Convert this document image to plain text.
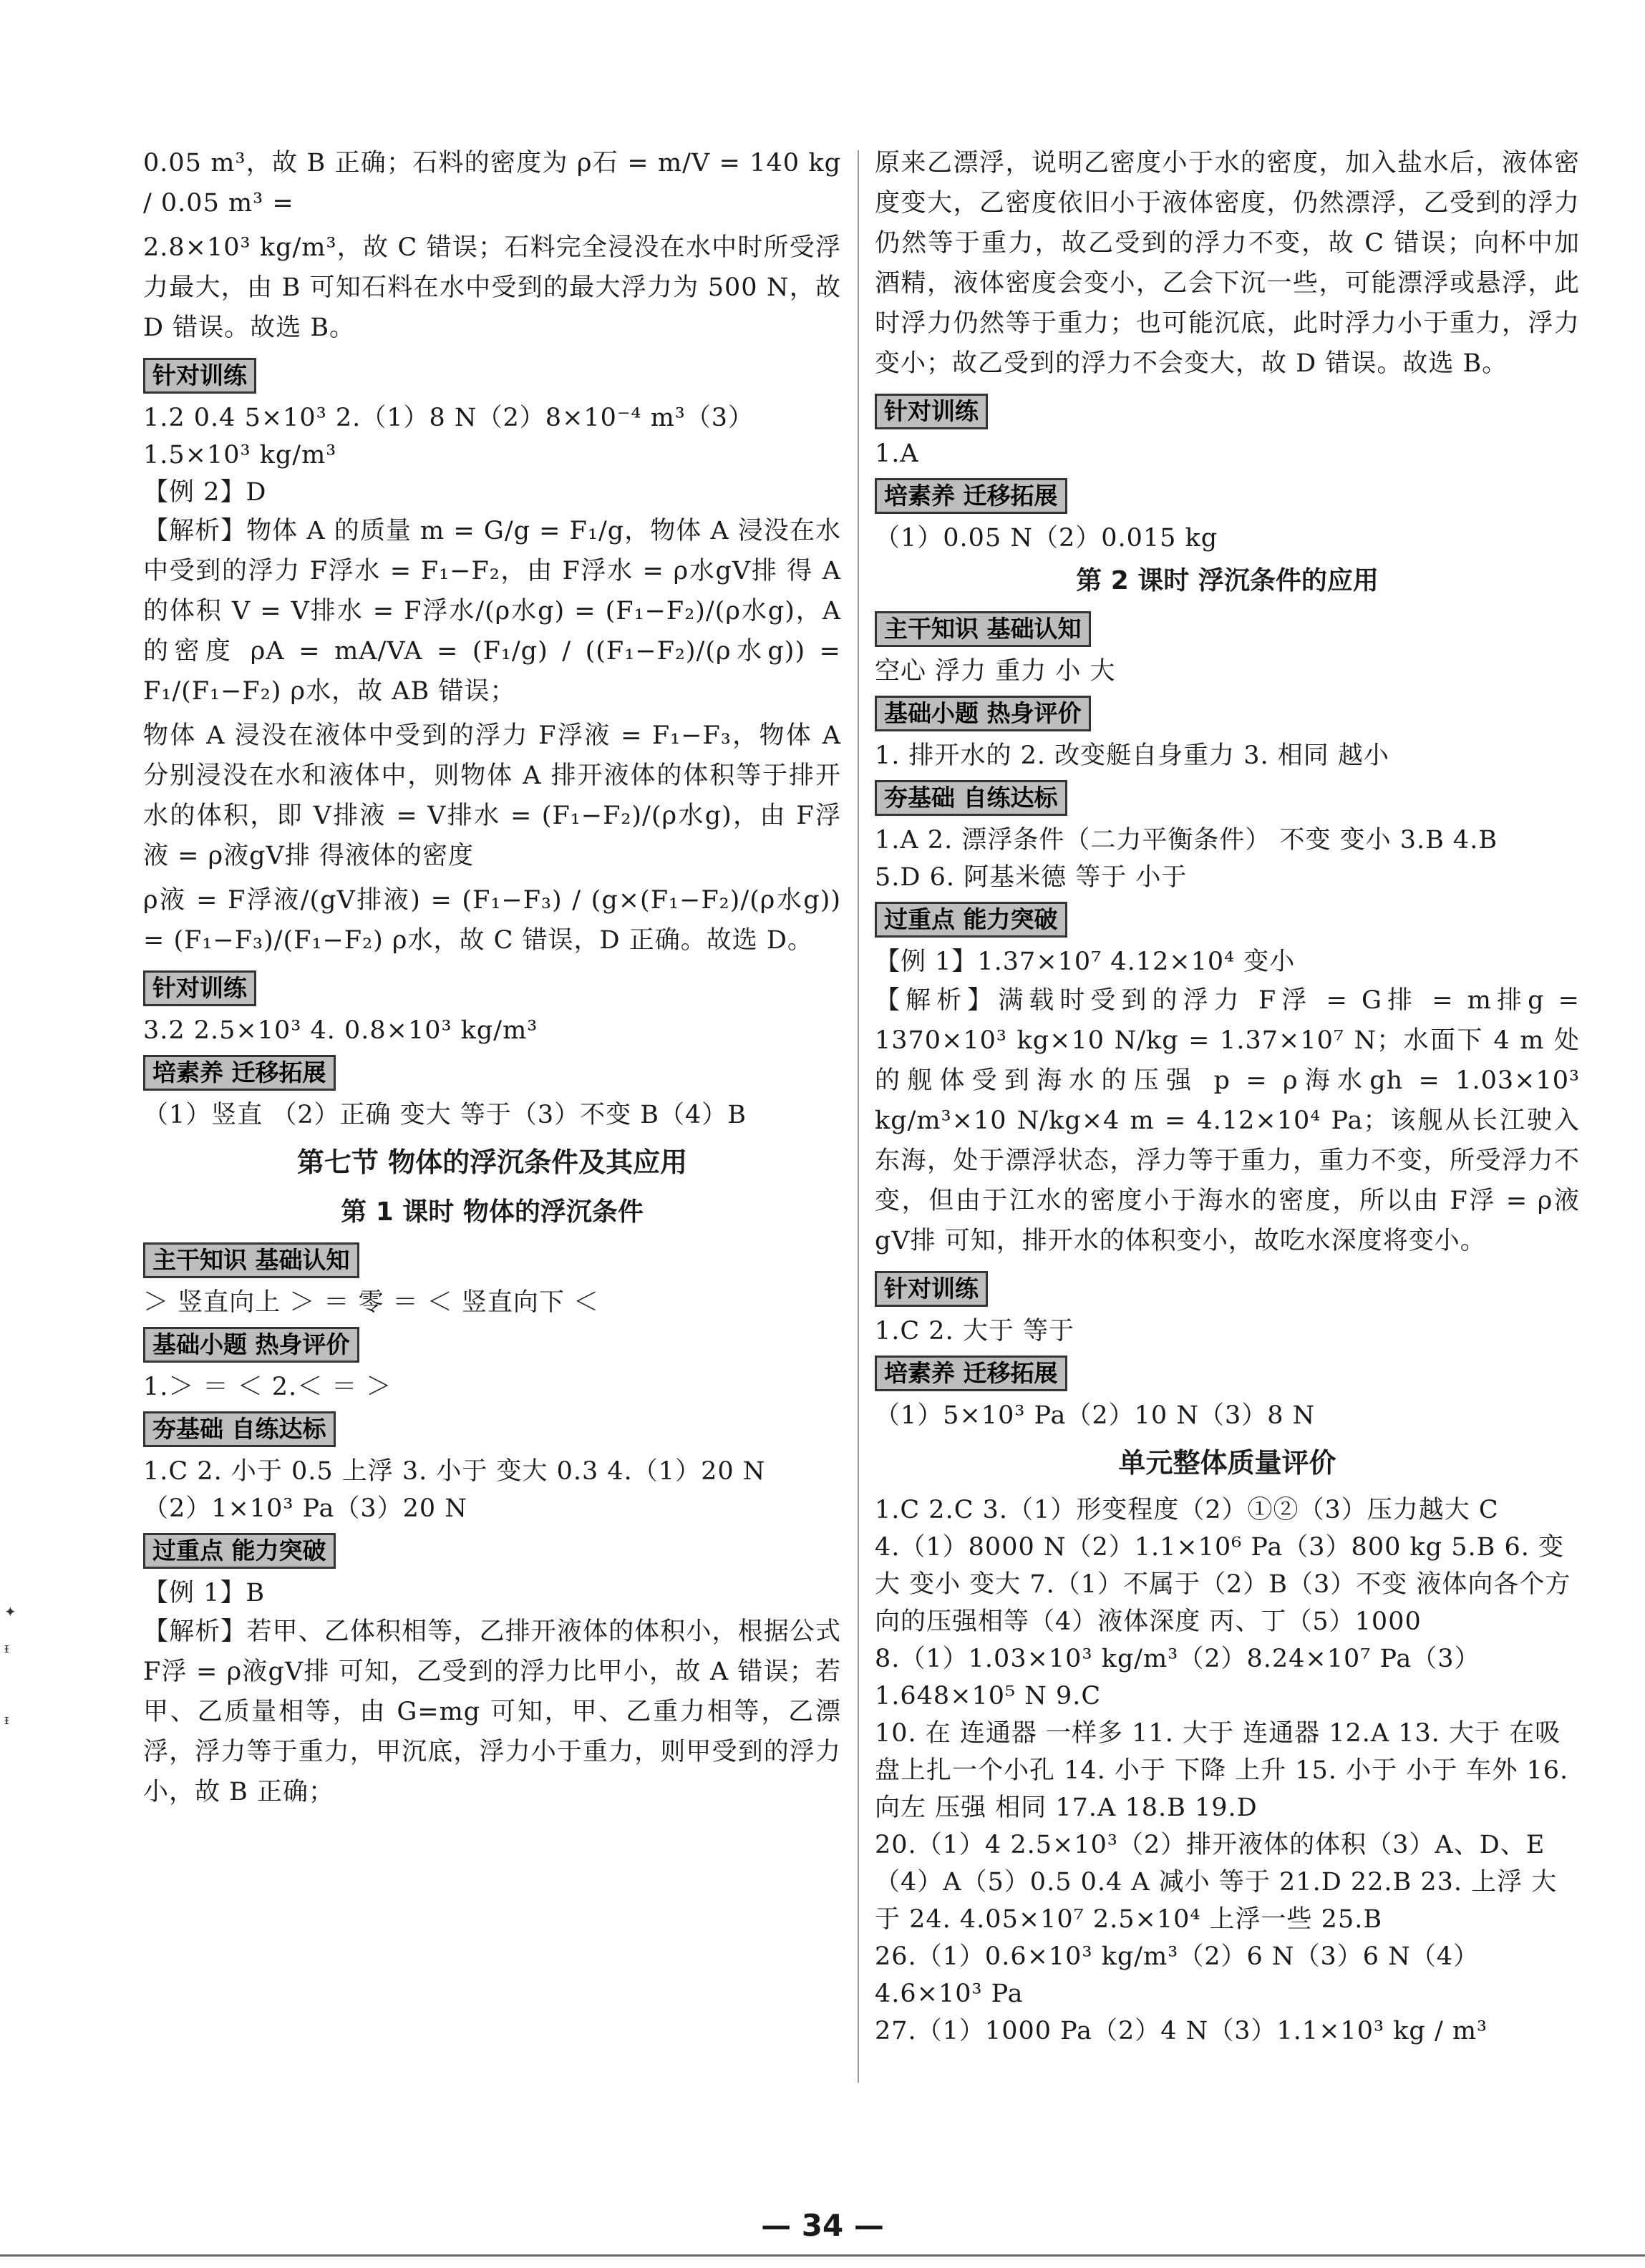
0.05 m³，故 B 正确；石料的密度为 ρ石 = m/V = 140 kg / 0.05 m³ =
2.8×10³ kg/m³，故 C 错误；石料完全浸没在水中时所受浮力最大，由 B 可知石料在水中受到的最大浮力为 500 N，故 D 错误。故选 B。
针对训练
1.2 0.4 5×10³ 2.（1）8 N（2）8×10⁻⁴ m³（3）1.5×10³ kg/m³
【例 2】D
【解析】物体 A 的质量 m = G/g = F₁/g，物体 A 浸没在水中受到的浮力 F浮水 = F₁−F₂，由 F浮水 = ρ水gV排 得 A 的体积 V = V排水 = F浮水/(ρ水g) = (F₁−F₂)/(ρ水g)，A 的密度 ρA = mA/VA = (F₁/g) / ((F₁−F₂)/(ρ水g)) = F₁/(F₁−F₂) ρ水，故 AB 错误；
物体 A 浸没在液体中受到的浮力 F浮液 = F₁−F₃，物体 A 分别浸没在水和液体中，则物体 A 排开液体的体积等于排开水的体积，即 V排液 = V排水 = (F₁−F₂)/(ρ水g)，由 F浮液 = ρ液gV排 得液体的密度
ρ液 = F浮液/(gV排液) = (F₁−F₃) / (g×(F₁−F₂)/(ρ水g)) = (F₁−F₃)/(F₁−F₂) ρ水，故 C 错误，D 正确。故选 D。
针对训练
3.2 2.5×10³ 4. 0.8×10³ kg/m³
培素养 迁移拓展
（1）竖直 （2）正确 变大 等于（3）不变 B（4）B
第七节 物体的浮沉条件及其应用
第 1 课时 物体的浮沉条件
主干知识 基础认知
＞ 竖直向上 ＞ ＝ 零 ＝ ＜ 竖直向下 ＜
基础小题 热身评价
1.＞ ＝ ＜ 2.＜ ＝ ＞
夯基础 自练达标
1.C 2. 小于 0.5 上浮 3. 小于 变大 0.3 4.（1）20 N
（2）1×10³ Pa（3）20 N
过重点 能力突破
【例 1】B
【解析】若甲、乙体积相等，乙排开液体的体积小，根据公式 F浮 = ρ液gV排 可知，乙受到的浮力比甲小，故 A 错误；若甲、乙质量相等，由 G=mg 可知，甲、乙重力相等，乙漂浮，浮力等于重力，甲沉底，浮力小于重力，则甲受到的浮力小，故 B 正确；
原来乙漂浮，说明乙密度小于水的密度，加入盐水后，液体密度变大，乙密度依旧小于液体密度，仍然漂浮，乙受到的浮力仍然等于重力，故乙受到的浮力不变，故 C 错误；向杯中加酒精，液体密度会变小，乙会下沉一些，可能漂浮或悬浮，此时浮力仍然等于重力；也可能沉底，此时浮力小于重力，浮力变小；故乙受到的浮力不会变大，故 D 错误。故选 B。
针对训练
1.A
培素养 迁移拓展
（1）0.05 N（2）0.015 kg
第 2 课时 浮沉条件的应用
主干知识 基础认知
空心 浮力 重力 小 大
基础小题 热身评价
1. 排开水的 2. 改变艇自身重力 3. 相同 越小
夯基础 自练达标
1.A 2. 漂浮条件（二力平衡条件） 不变 变小 3.B 4.B
5.D 6. 阿基米德 等于 小于
过重点 能力突破
【例 1】1.37×10⁷ 4.12×10⁴ 变小
【解析】满载时受到的浮力 F浮 = G排 = m排g = 1370×10³ kg×10 N/kg = 1.37×10⁷ N；水面下 4 m 处的舰体受到海水的压强 p = ρ海水gh = 1.03×10³ kg/m³×10 N/kg×4 m = 4.12×10⁴ Pa；该舰从长江驶入东海，处于漂浮状态，浮力等于重力，重力不变，所受浮力不变，但由于江水的密度小于海水的密度，所以由 F浮 = ρ液gV排 可知，排开水的体积变小，故吃水深度将变小。
针对训练
1.C 2. 大于 等于
培素养 迁移拓展
（1）5×10³ Pa（2）10 N（3）8 N
单元整体质量评价
1.C 2.C 3.（1）形变程度（2）①②（3）压力越大 C
4.（1）8000 N（2）1.1×10⁶ Pa（3）800 kg 5.B 6. 变大 变小 变大 7.（1）不属于（2）B（3）不变 液体向各个方向的压强相等（4）液体深度 丙、丁（5）1000
8.（1）1.03×10³ kg/m³（2）8.24×10⁷ Pa（3）1.648×10⁵ N 9.C
10. 在 连通器 一样多 11. 大于 连通器 12.A 13. 大于 在吸盘上扎一个小孔 14. 小于 下降 上升 15. 小于 小于 车外 16. 向左 压强 相同 17.A 18.B 19.D
20.（1）4 2.5×10³（2）排开液体的体积（3）A、D、E（4）A（5）0.5 0.4 A 减小 等于 21.D 22.B 23. 上浮 大于 24. 4.05×10⁷ 2.5×10⁴ 上浮一些 25.B
26.（1）0.6×10³ kg/m³（2）6 N（3）6 N（4）4.6×10³ Pa
27.（1）1000 Pa（2）4 N（3）1.1×10³ kg / m³
✦
ᵻ
ᵻ
— 34 —
